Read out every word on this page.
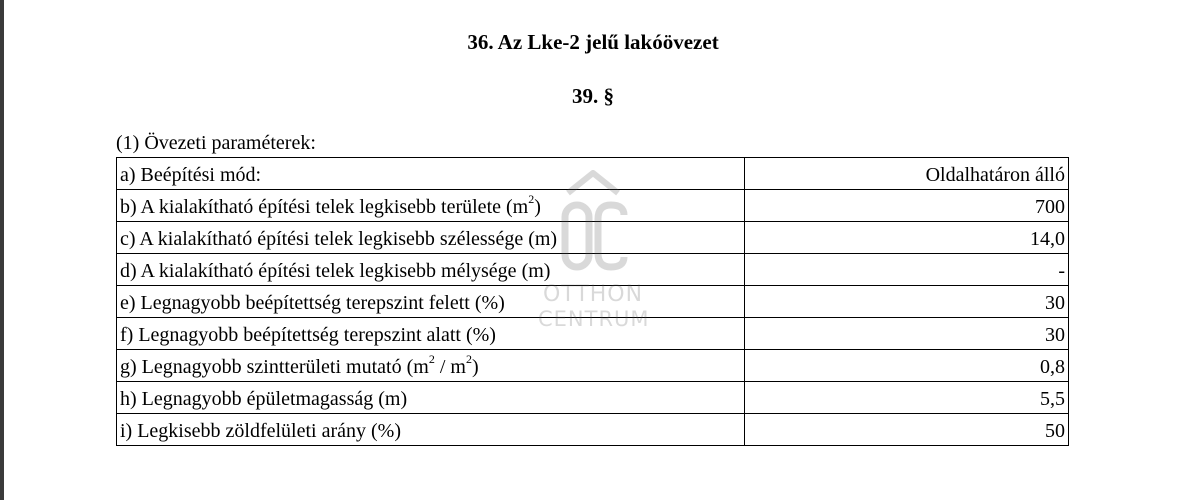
36. Az Lke-2 jelű lakóövezet
39. §
(1) Övezeti paraméterek:
a) Beépítési mód:	Oldalhatáron álló
b) A kialakítható építési telek legkisebb területe $(m^2)$	700
c) A kialakítható építési telek legkisebb szélessége (m)	14,0
d) A kialakítható építési telek legkisebb mélysége (m)	-
e) Legnagyobb beépítettség terepszint felett (%)	30
f) Legnagyobb beépítettség terepszint alatt (%)	30
g) Legnagyobb szintterületi mutató $(m^2 / m^2)$	0,8
h) Legnagyobb épületmagasság (m)	5,5
i) Legkisebb zöldfelületi arány (%)	50
OTTHON
CENTRUM
